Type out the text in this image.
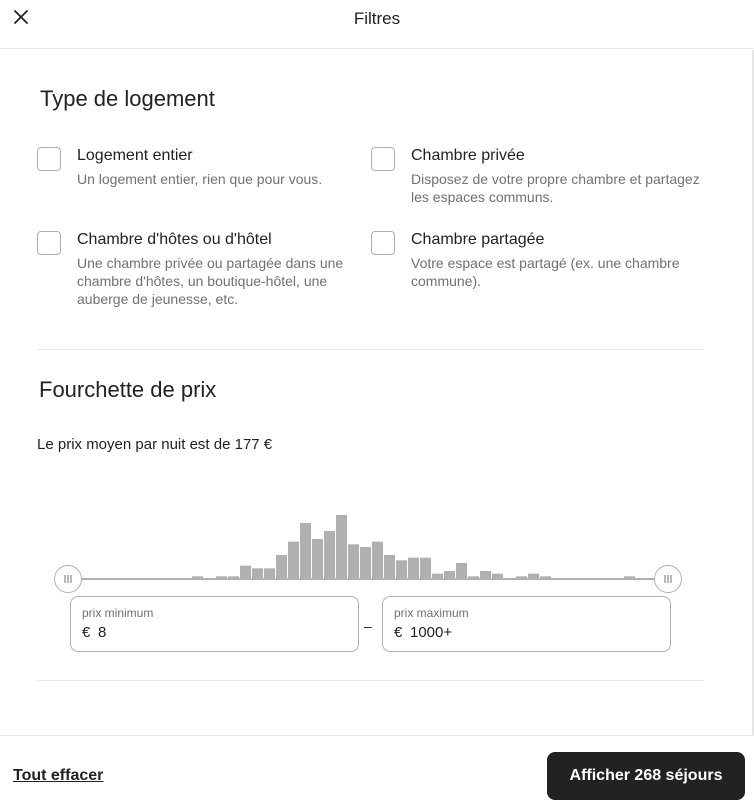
Filtres
Type de logement
Logement entier
Un logement entier, rien que pour vous.
Chambre privée
Disposez de votre propre chambre et partagez les espaces communs.
Chambre d'hôtes ou d'hôtel
Une chambre privée ou partagée dans une chambre d'hôtes, un boutique-hôtel, une auberge de jeunesse, etc.
Chambre partagée
Votre espace est partagé (ex. une chambre commune).
Fourchette de prix
Le prix moyen par nuit est de 177 €
prix minimum
€ 8	–
prix maximum
€ 1000+
Tout effacer	Afficher 268 séjours
